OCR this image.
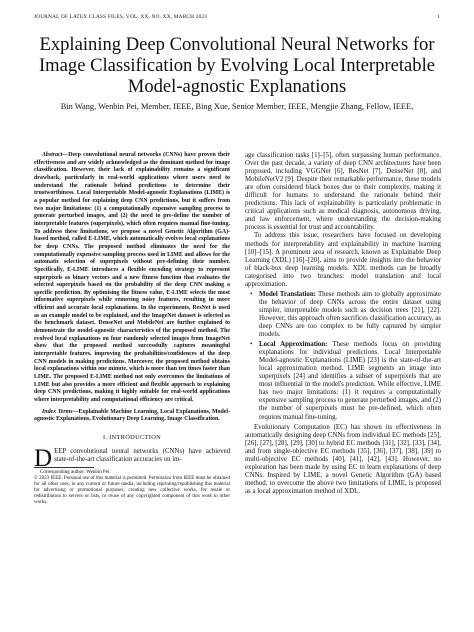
JOURNAL OF LATEX CLASS FILES, VOL. XX, NO. XX, MARCH 2023	1
Explaining Deep Convolutional Neural Networks for Image Classification by Evolving Local Interpretable Model-agnostic Explanations
Bin Wang, Wenbin Pei, Member, IEEE, Bing Xue, Senior Member, IEEE, Mengjie Zhang, Fellow, IEEE,

Abstract—Deep convolutional neural networks (CNNs) have proven their effectiveness and are widely acknowledged as the dominant method for image classification. However, their lack of explainability remains a significant drawback, particularly in real-world applications where users need to understand the rationale behind predictions to determine their trustworthiness. Local Interpretable Model-agnostic Explanations (LIME) is a popular method for explaining deep CNN predictions, but it suffers from two major limitations: (1) a computationally expensive sampling process to generate perturbed images, and (2) the need to pre-define the number of interpretable features (superpixels), which often requires manual fine-tuning. To address these limitations, we propose a novel Genetic Algorithm (GA)-based method, called E-LIME, which automatically evolves local explanations for deep CNNs. The proposed method eliminates the need for the computationally expensive sampling process used in LIME and allows for the automatic selection of superpixels without pre-defining their number. Specifically, E-LIME introduces a flexible encoding strategy to represent superpixels as binary vectors and a new fitness function that evaluates the selected superpixels based on the probability of the deep CNN making a specific prediction. By optimising the fitness value, E-LIME selects the most informative superpixels while removing noisy features, resulting in more efficient and accurate local explanations. In the experiments, ResNet is used as an example model to be explained, and the ImageNet dataset is selected as the benchmark dataset. DenseNet and MobileNet are further explained to demonstrate the model-agnostic characteristics of the proposed method. The evolved local explanations on four randomly selected images from ImageNet show that the proposed method successfully captures meaningful interpretable features, improving the probabilities/confidences of the deep CNN models in making predictions. Moreover, the proposed method obtains local explanations within one minute, which is more than ten times faster than LIME. The proposed E-LIME method not only overcomes the limitations of LIME but also provides a more efficient and flexible approach to explaining deep CNN predictions, making it highly suitable for real-world applications where interpretability and computational efficiency are critical.

Index Terms—Explainable Machine Learning, Local Explanations, Model-agnostic Explanations, Evolutionary Deep Learning, Image Classification.

I. INTRODUCTION

DEEP convolutional neural networks (CNNs) have achieved state-of-the-art classification accuracies on im-

Corresponding author: Wenbin Pei.

© 2023 IEEE. Personal use of this material is permitted. Permission from IEEE must be obtained for all other uses, in any current or future media, including reprinting/republishing this material for advertising or promotional purposes, creating new collective works, for resale or redistribution to servers or lists, or reuse of any copyrighted component of this work in other works.

age classification tasks [1]–[5], often surpassing human performance. Over the past decade, a variety of deep CNN architectures have been proposed, including VGGNet [6], ResNet [7], DenseNet [8], and MobileNetV2 [9]. Despite their remarkable performance, these models are often considered black boxes due to their complexity, making it difficult for humans to understand the rationale behind their predictions. This lack of explainability is particularly problematic in critical applications such as medical diagnosis, autonomous driving, and law enforcement, where understanding the decision-making process is essential for trust and accountability.

To address this issue, researchers have focused on developing methods for interpretability and explainability in machine learning [10]–[15]. A prominent area of research, known as Explainable Deep Learning (XDL) [16]–[20], aims to provide insights into the behavior of black-box deep learning models. XDL methods can be broadly categorised into two branches: model translation and local approximation.

• Model Translation: These methods aim to globally approximate the behavior of deep CNNs across the entire dataset using simpler, interpretable models such as decision trees [21], [22]. However, this approach often sacrifices classification accuracy, as deep CNNs are too complex to be fully captured by simpler models.
• Local Approximation: These methods focus on providing explanations for individual predictions. Local Interpretable Model-agnostic Explanations (LIME) [23] is the state-of-the-art local approximation method. LIME segments an image into superpixels [24] and identifies a subset of superpixels that are most influential in the model's prediction. While effective, LIME has two major limitations: (1) it requires a computationally expensive sampling process to generate perturbed images, and (2) the number of superpixels must be pre-defined, which often requires manual fine-tuning.

Evolutionary Computation (EC) has shown its effectiveness in automatically designing deep CNNs from individual EC methods [25], [26], [27], [28], [29], [30] to hybrid EC methods [31], [32], [33], [34], and from single-objective EC methods [35], [36], [37], [38], [39] to multi-objective EC methods [40], [41], [42], [43]. However, no exploration has been made by using EC to learn explanations of deep CNNs. Inspired by LIME, a novel Genetic Algorithm (GA) based method, to overcome the above two limitations of LIME, is proposed as a local approximation method of XDL.
